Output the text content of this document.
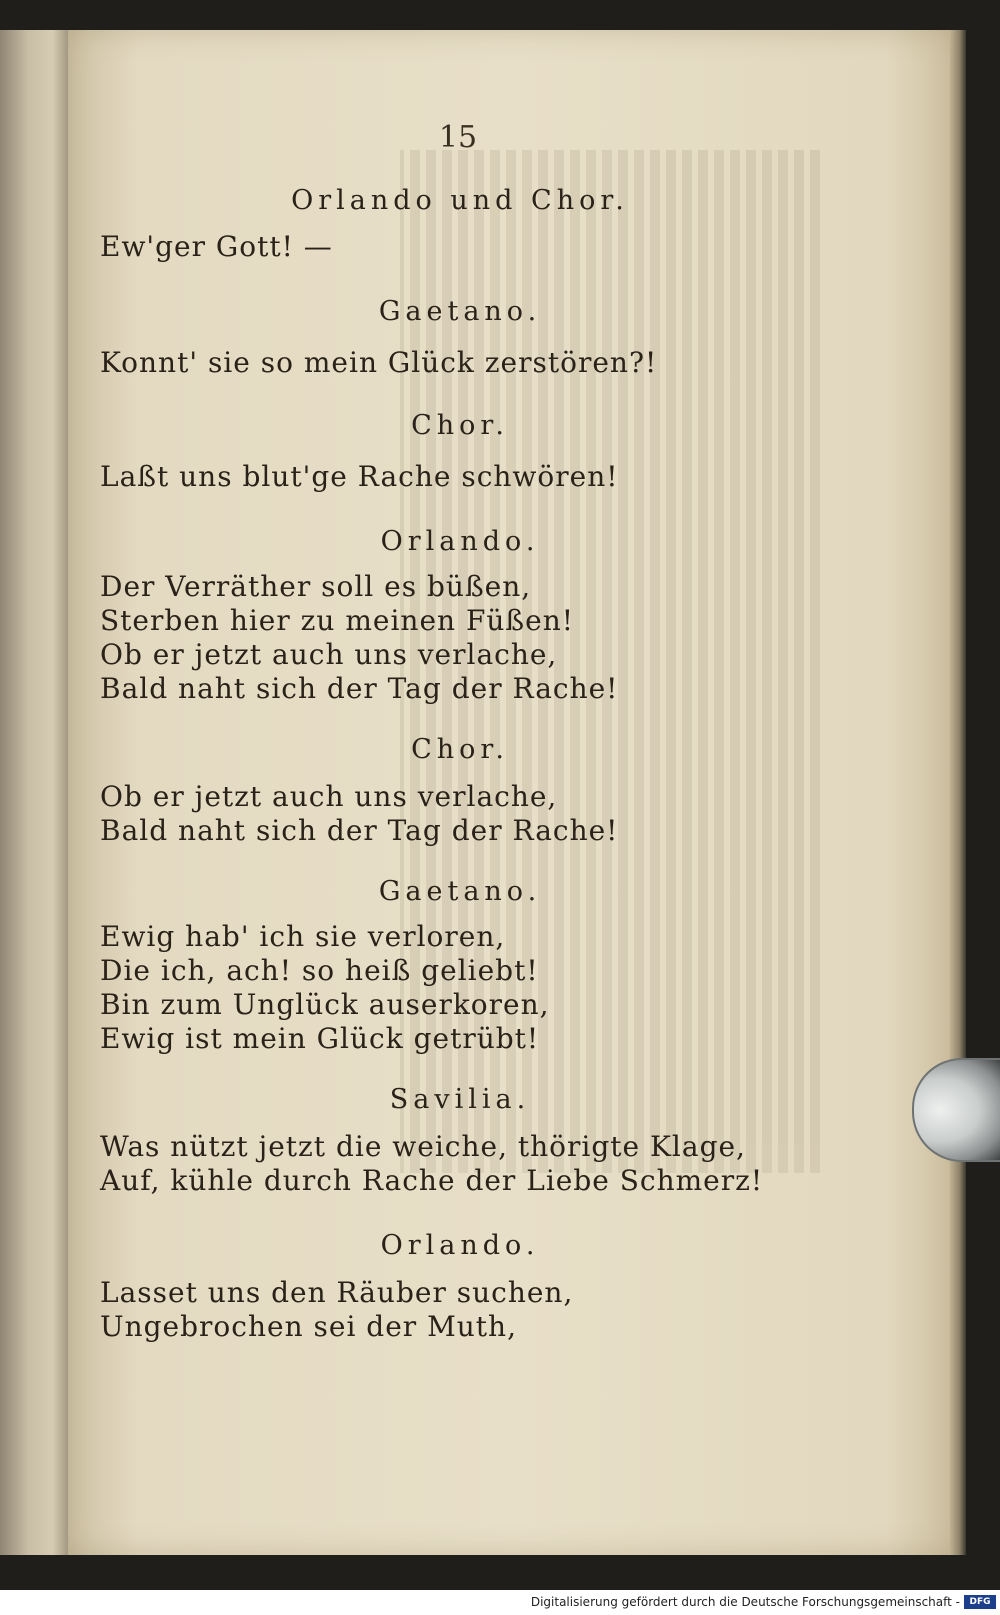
15
Orlando und Chor.
Ew'ger Gott! —
Gaetano.
Konnt' sie so mein Glück zerstören?!
Chor.
Laßt uns blut'ge Rache schwören!
Orlando.
Der Verräther soll es büßen,
Sterben hier zu meinen Füßen!
Ob er jetzt auch uns verlache,
Bald naht sich der Tag der Rache!
Chor.
Ob er jetzt auch uns verlache,
Bald naht sich der Tag der Rache!
Gaetano.
Ewig hab' ich sie verloren,
Die ich, ach! so heiß geliebt!
Bin zum Unglück auserkoren,
Ewig ist mein Glück getrübt!
Savilia.
Was nützt jetzt die weiche, thörigte Klage,
Auf, kühle durch Rache der Liebe Schmerz!
Orlando.
Lasset uns den Räuber suchen,
Ungebrochen sei der Muth,
Digitalisierung gefördert durch die Deutsche Forschungsgemeinschaft -	DFG
